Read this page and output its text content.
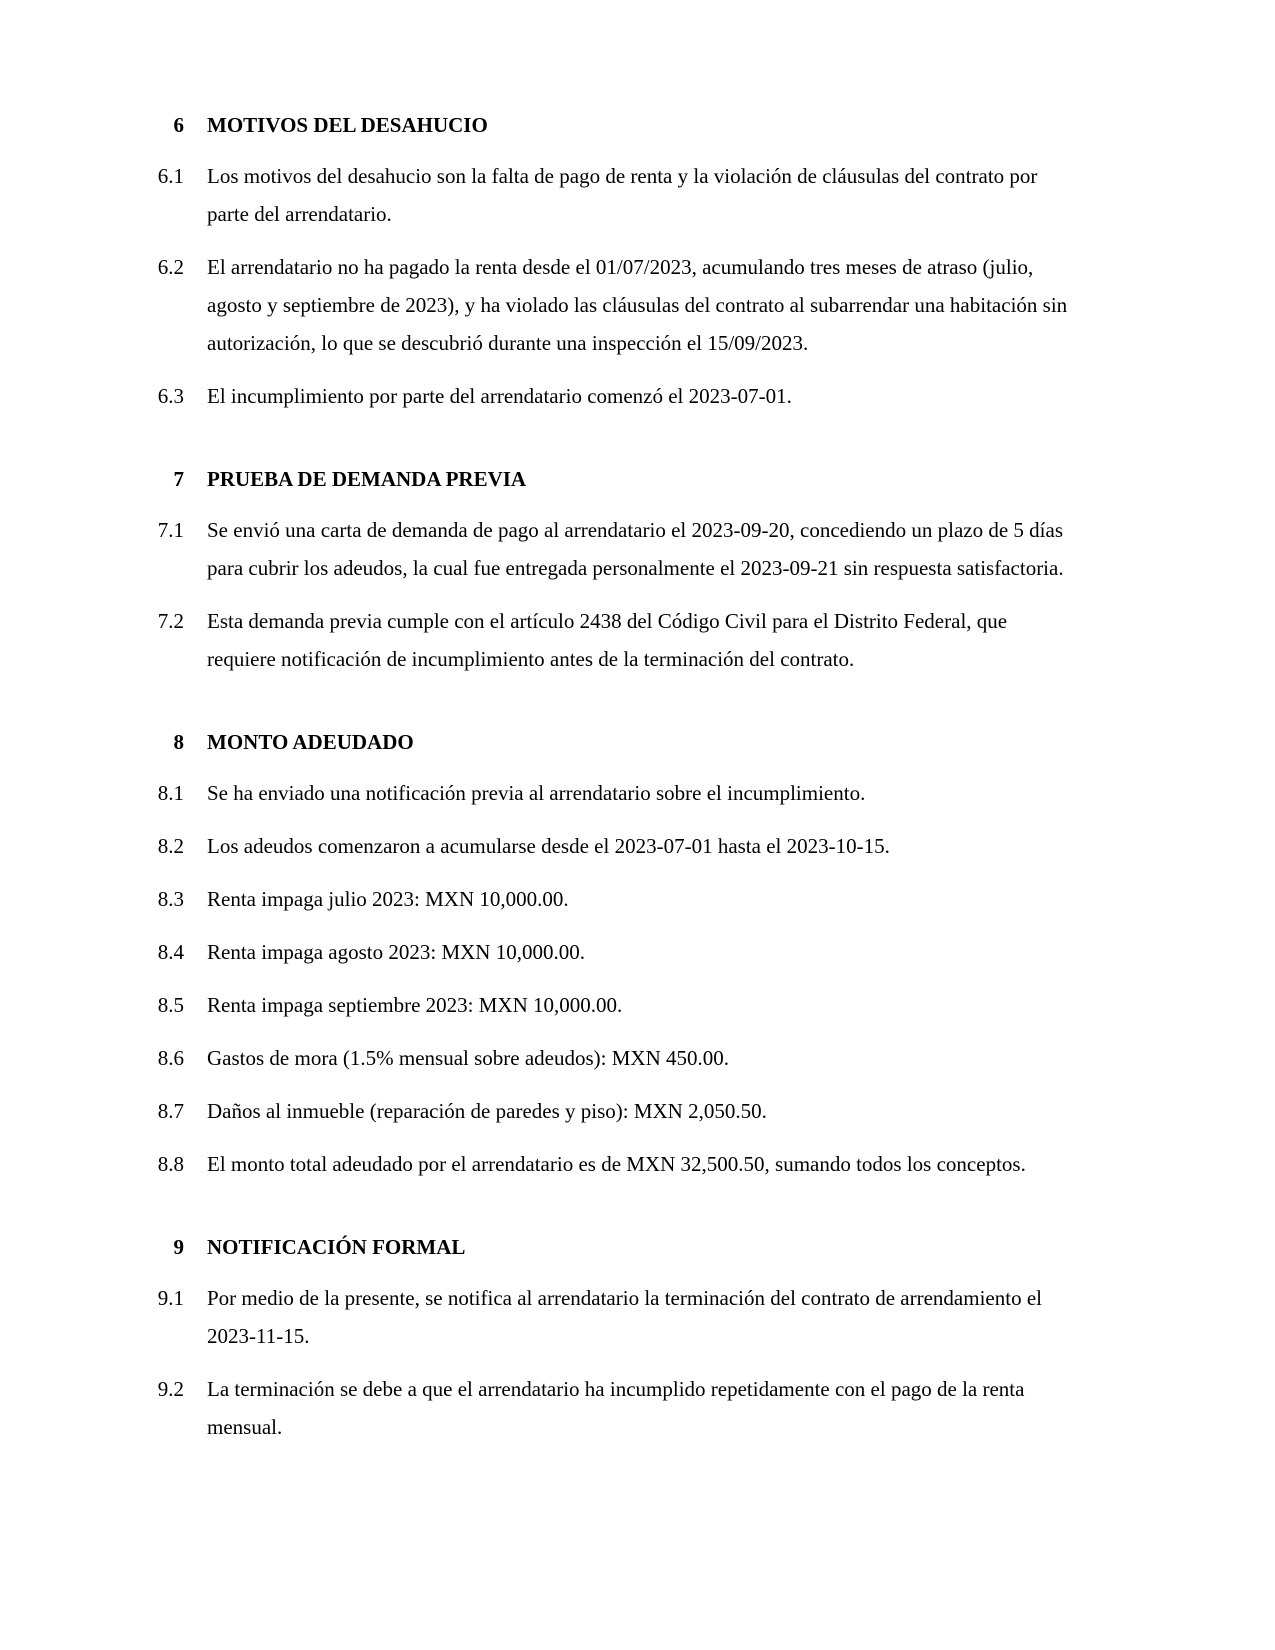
6 MOTIVOS DEL DESAHUCIO
6.1 Los motivos del desahucio son la falta de pago de renta y la violación de cláusulas del contrato por parte del arrendatario.

6.2 El arrendatario no ha pagado la renta desde el 01/07/2023, acumulando tres meses de atraso (julio, agosto y septiembre de 2023), y ha violado las cláusulas del contrato al subarrendar una habitación sin autorización, lo que se descubrió durante una inspección el 15/09/2023.

6.3 El incumplimiento por parte del arrendatario comenzó el 2023-07-01.

7 PRUEBA DE DEMANDA PREVIA
7.1 Se envió una carta de demanda de pago al arrendatario el 2023-09-20, concediendo un plazo de 5 días para cubrir los adeudos, la cual fue entregada personalmente el 2023-09-21 sin respuesta satisfactoria.

7.2 Esta demanda previa cumple con el artículo 2438 del Código Civil para el Distrito Federal, que requiere notificación de incumplimiento antes de la terminación del contrato.

8 MONTO ADEUDADO
8.1 Se ha enviado una notificación previa al arrendatario sobre el incumplimiento.

8.2 Los adeudos comenzaron a acumularse desde el 2023-07-01 hasta el 2023-10-15.

8.3 Renta impaga julio 2023: MXN 10,000.00.

8.4 Renta impaga agosto 2023: MXN 10,000.00.

8.5 Renta impaga septiembre 2023: MXN 10,000.00.

8.6 Gastos de mora (1.5% mensual sobre adeudos): MXN 450.00.

8.7 Daños al inmueble (reparación de paredes y piso): MXN 2,050.50.

8.8 El monto total adeudado por el arrendatario es de MXN 32,500.50, sumando todos los conceptos.

9 NOTIFICACIÓN FORMAL
9.1 Por medio de la presente, se notifica al arrendatario la terminación del contrato de arrendamiento el 2023-11-15.

9.2 La terminación se debe a que el arrendatario ha incumplido repetidamente con el pago de la renta mensual.
